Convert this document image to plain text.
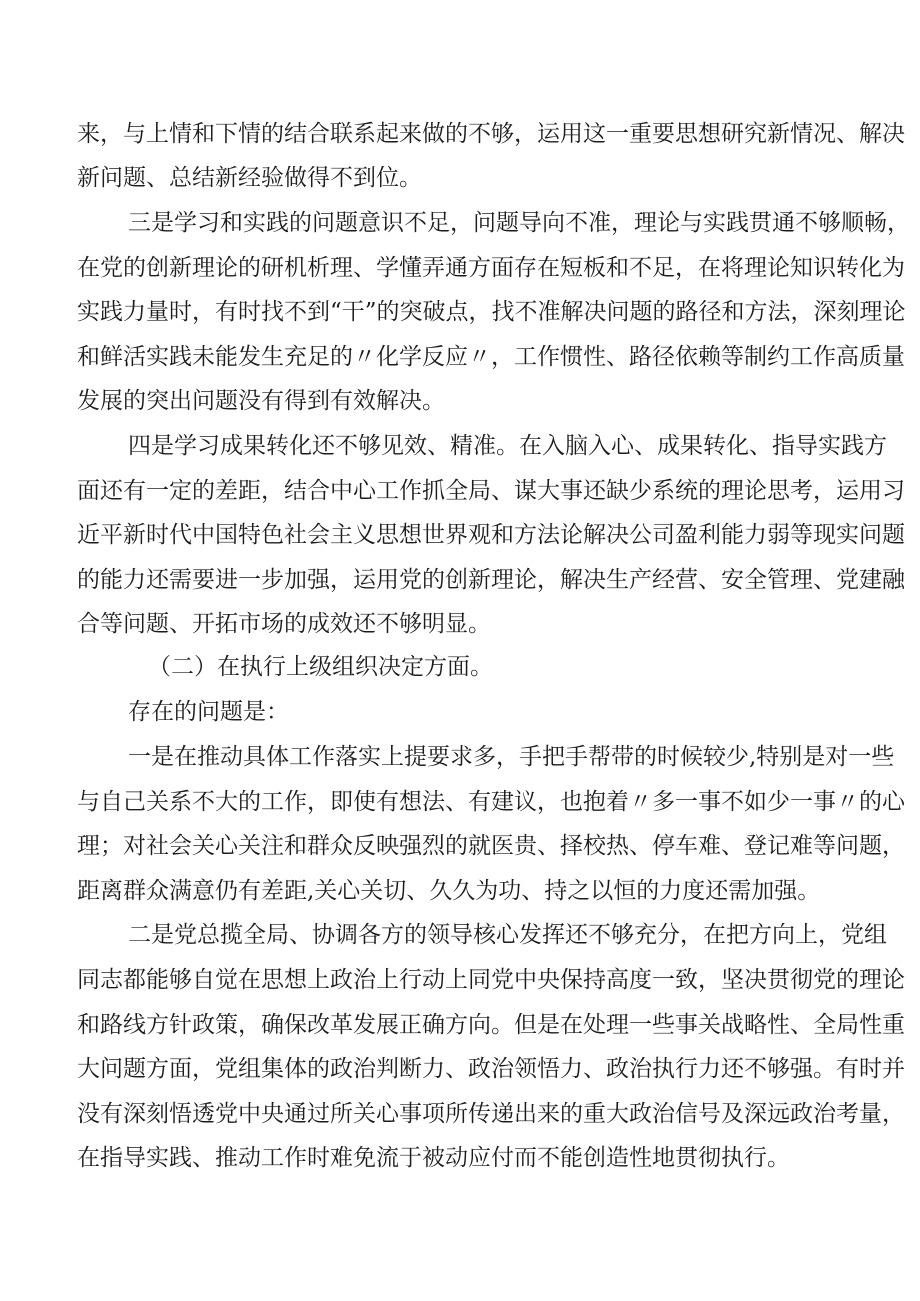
来，与上情和下情的结合联系起来做的不够，运用这一重要思想研究新情况、解决
新问题、总结新经验做得不到位。
三是学习和实践的问题意识不足，问题导向不准，理论与实践贯通不够顺畅，
在党的创新理论的研机析理、学懂弄通方面存在短板和不足，在将理论知识转化为
实践力量时，有时找不到“干”的突破点，找不准解决问题的路径和方法，深刻理论
和鲜活实践未能发生充足的〃化学反应〃，工作惯性、路径依赖等制约工作高质量
发展的突出问题没有得到有效解决。
四是学习成果转化还不够见效、精准。在入脑入心、成果转化、指导实践方
面还有一定的差距，结合中心工作抓全局、谋大事还缺少系统的理论思考，运用习
近平新时代中国特色社会主义思想世界观和方法论解决公司盈利能力弱等现实问题
的能力还需要进一步加强，运用党的创新理论，解决生产经营、安全管理、党建融
合等问题、开拓市场的成效还不够明显。
（二）在执行上级组织决定方面。
存在的问题是：
一是在推动具体工作落实上提要求多，手把手帮带的时候较少,特别是对一些
与自己关系不大的工作，即使有想法、有建议，也抱着〃多一事不如少一事〃的心
理；对社会关心关注和群众反映强烈的就医贵、择校热、停车难、登记难等问题，
距离群众满意仍有差距,关心关切、久久为功、持之以恒的力度还需加强。
二是党总揽全局、协调各方的领导核心发挥还不够充分，在把方向上，党组
同志都能够自觉在思想上政治上行动上同党中央保持高度一致，坚决贯彻党的理论
和路线方针政策，确保改革发展正确方向。但是在处理一些事关战略性、全局性重
大问题方面，党组集体的政治判断力、政治领悟力、政治执行力还不够强。有时并
没有深刻悟透党中央通过所关心事项所传递出来的重大政治信号及深远政治考量，
在指导实践、推动工作时难免流于被动应付而不能创造性地贯彻执行。
